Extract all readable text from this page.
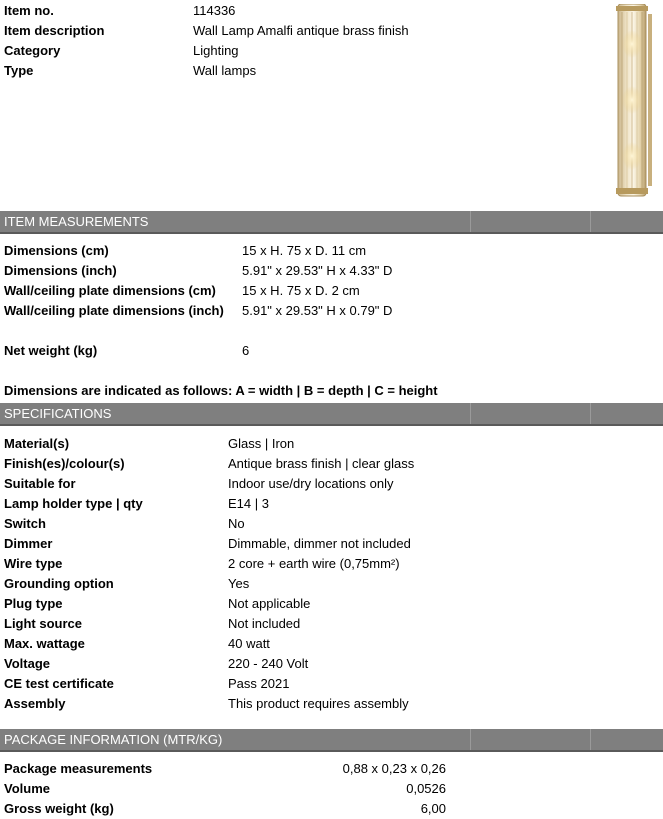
Item no.	114336
Item description	Wall Lamp Amalfi antique brass finish
Category	Lighting
Type	Wall lamps
ITEM MEASUREMENTS
Dimensions (cm)	15 x H. 75 x D. 11 cm
Dimensions (inch)	5.91" x 29.53" H x 4.33" D
Wall/ceiling plate dimensions (cm) 15 x H. 75 x D. 2 cm
Wall/ceiling plate dimensions (inch) 5.91" x 29.53" H x 0.79" D
Net weight (kg)	6
Dimensions are indicated as follows: A = width | B = depth | C = height
SPECIFICATIONS
Material(s)	Glass | Iron
Finish(es)/colour(s)	Antique brass finish | clear glass
Suitable for	Indoor use/dry locations only
Lamp holder type | qty	E14 | 3
Switch	No
Dimmer	Dimmable, dimmer not included
Wire type	2 core + earth wire (0,75mm²)
Grounding option	Yes
Plug type	Not applicable
Light source	Not included
Max. wattage	40 watt
Voltage	220 - 240 Volt
CE test certificate	Pass 2021
Assembly	This product requires assembly
PACKAGE INFORMATION (MTR/KG)
Package measurements	0,88 x 0,23 x 0,26
Volume	0,0526
Gross weight (kg)	6,00
